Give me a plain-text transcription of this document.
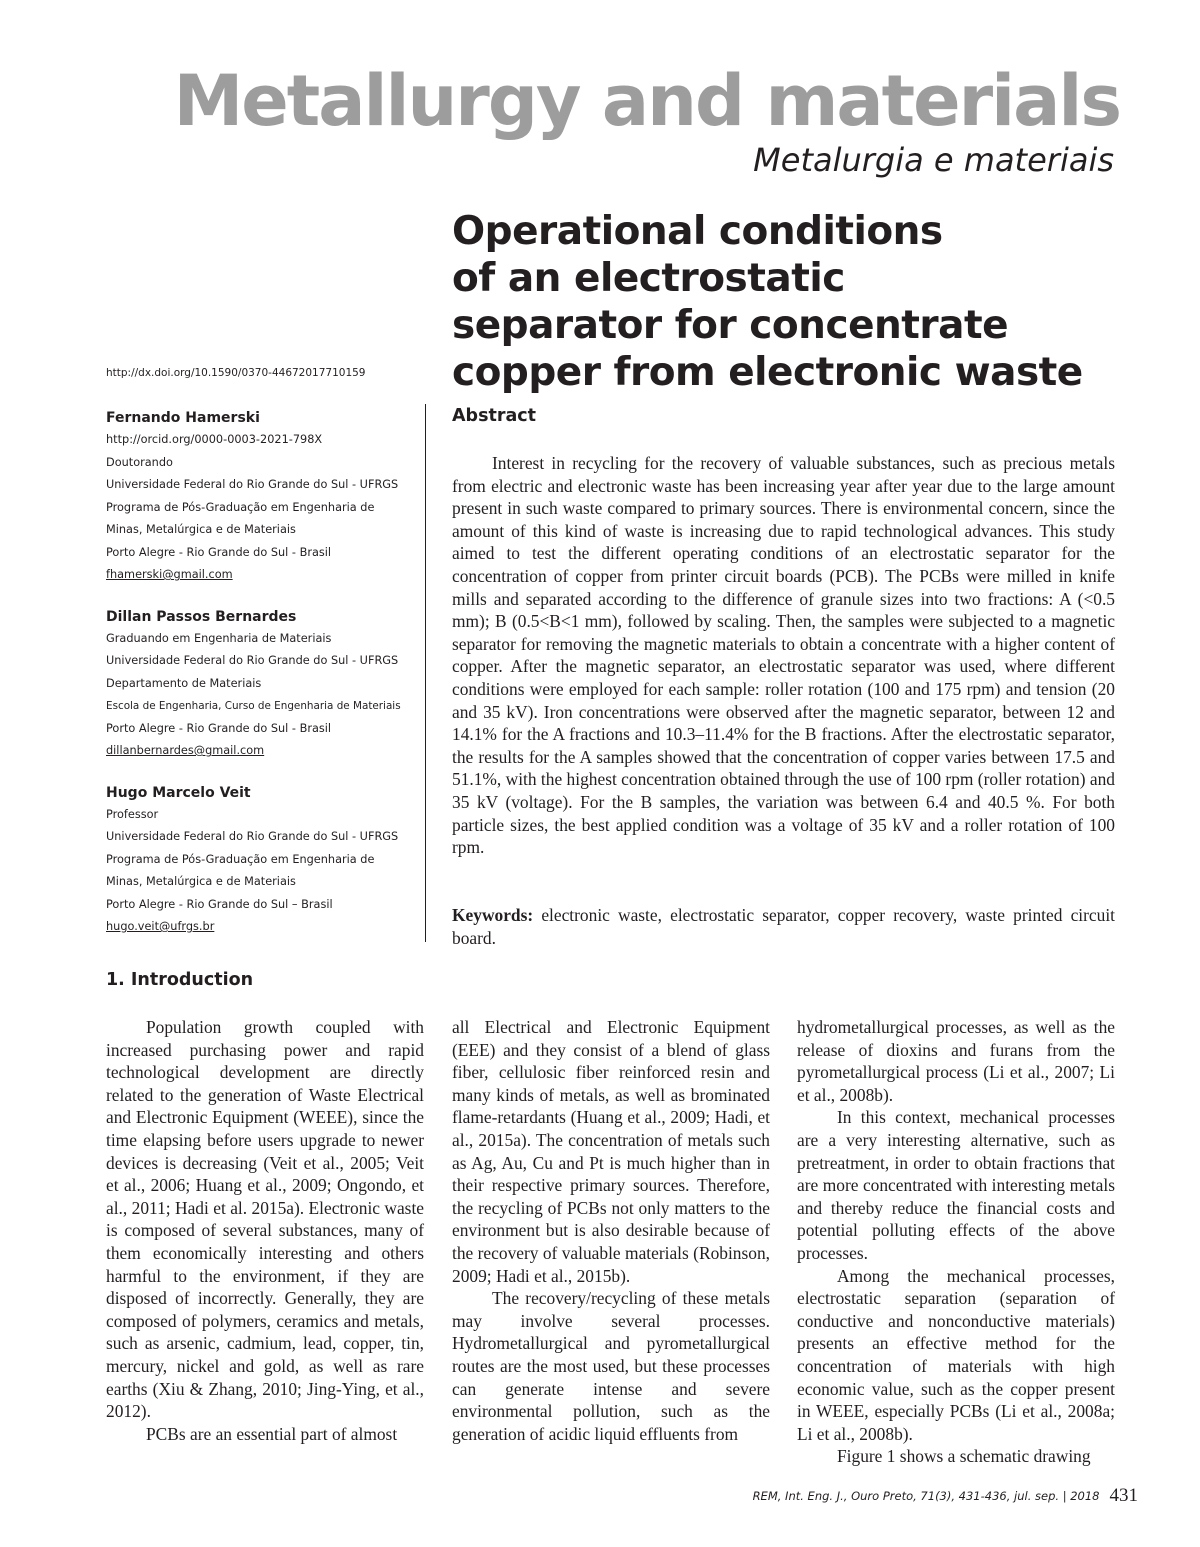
Metallurgy and materials
Metalurgia e materiais
Operational conditions
of an electrostatic
separator for concentrate
copper from electronic waste
http://dx.doi.org/10.1590/0370-44672017710159
Fernando Hamerski
http://orcid.org/0000-0003-2021-798X
Doutorando
Universidade Federal do Rio Grande do Sul - UFRGS
Programa de Pós-Graduação em Engenharia de
Minas, Metalúrgica e de Materiais
Porto Alegre - Rio Grande do Sul - Brasil
fhamerski@gmail.com
Dillan Passos Bernardes
Graduando em Engenharia de Materiais
Universidade Federal do Rio Grande do Sul - UFRGS
Departamento de Materiais
Escola de Engenharia, Curso de Engenharia de Materiais
Porto Alegre - Rio Grande do Sul - Brasil
dillanbernardes@gmail.com
Hugo Marcelo Veit
Professor
Universidade Federal do Rio Grande do Sul - UFRGS
Programa de Pós-Graduação em Engenharia de
Minas, Metalúrgica e de Materiais
Porto Alegre - Rio Grande do Sul – Brasil
hugo.veit@ufrgs.br
Abstract

Interest in recycling for the recovery of valuable substances, such as precious metals from electric and electronic waste has been increasing year after year due to the large amount present in such waste compared to primary sources. There is environmental concern, since the amount of this kind of waste is increasing due to rapid technological advances. This study aimed to test the different operating conditions of an electrostatic separator for the concentration of copper from printer circuit boards (PCB). The PCBs were milled in knife mills and separated according to the difference of granule sizes into two fractions: A (<0.5 mm); B (0.5<B<1 mm), followed by scaling. Then, the samples were subjected to a magnetic separator for removing the magnetic materials to obtain a concentrate with a higher content of copper. After the magnetic separator, an electrostatic separator was used, where different conditions were employed for each sample: roller rotation (100 and 175 rpm) and tension (20 and 35 kV). Iron concentrations were observed after the magnetic separator, between 12 and 14.1% for the A fractions and 10.3–11.4% for the B fractions. After the electrostatic separator, the results for the A samples showed that the concentration of copper varies between 17.5 and 51.1%, with the highest concentration obtained through the use of 100 rpm (roller rotation) and 35 kV (voltage). For the B samples, the variation was between 6.4 and 40.5 %. For both particle sizes, the best applied condition was a voltage of 35 kV and a roller rotation of 100 rpm.

Keywords: electronic waste, electrostatic separator, copper recovery, waste printed circuit board.
1. Introduction

Population growth coupled with increased purchasing power and rapid technological development are directly related to the generation of Waste Electrical and Electronic Equipment (WEEE), since the time elapsing before users upgrade to newer devices is decreasing (Veit et al., 2005; Veit et al., 2006; Huang et al., 2009; Ongondo, et al., 2011; Hadi et al. 2015a). Electronic waste is composed of several substances, many of them economically interesting and others harmful to the environment, if they are disposed of incorrectly. Generally, they are composed of polymers, ceramics and metals, such as arsenic, cadmium, lead, copper, tin, mercury, nickel and gold, as well as rare earths (Xiu & Zhang, 2010; Jing-Ying, et al., 2012).

PCBs are an essential part of almost

all Electrical and Electronic Equipment (EEE) and they consist of a blend of glass fiber, cellulosic fiber reinforced resin and many kinds of metals, as well as brominated flame-retardants (Huang et al., 2009; Hadi, et al., 2015a). The concentration of metals such as Ag, Au, Cu and Pt is much higher than in their respective primary sources. Therefore, the recycling of PCBs not only matters to the environment but is also desirable because of the recovery of valuable materials (Robinson, 2009; Hadi et al., 2015b).

The recovery/recycling of these metals may involve several processes. Hydrometallurgical and pyrometallurgical routes are the most used, but these processes can generate intense and severe environmental pollution, such as the generation of acidic liquid effluents from

hydrometallurgical processes, as well as the release of dioxins and furans from the pyrometallurgical process (Li et al., 2007; Li et al., 2008b).

In this context, mechanical processes are a very interesting alternative, such as pretreatment, in order to obtain fractions that are more concentrated with interesting metals and thereby reduce the financial costs and potential polluting effects of the above processes.

Among the mechanical processes, electrostatic separation (separation of conductive and nonconductive materials) presents an effective method for the concentration of materials with high economic value, such as the copper present in WEEE, especially PCBs (Li et al., 2008a; Li et al., 2008b).

Figure 1 shows a schematic drawing

REM, Int. Eng. J., Ouro Preto, 71(3), 431-436, jul. sep. | 2018 431
